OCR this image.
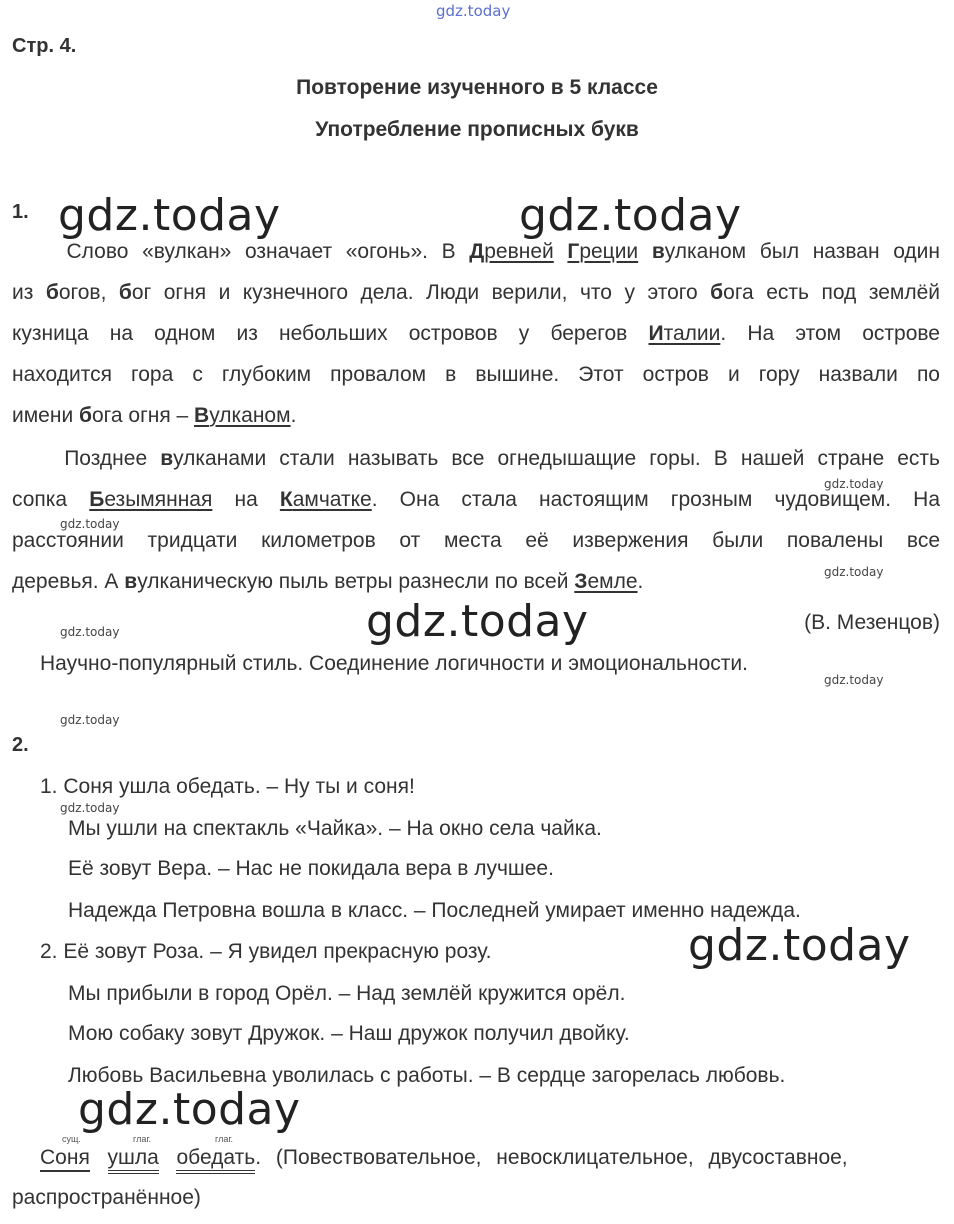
gdz.today
Стр. 4.
Повторение изученного в 5 классе
Употребление прописных букв
1. gdz.today	gdz.today
Слово «вулкан» означает «огонь». В Древней Греции вулканом был назван один
из богов, бог огня и кузнечного дела. Люди верили, что у этого бога есть под землёй
кузница на одном из небольших островов у берегов Италии. На этом острове
находится гора с глубоким провалом в вышине. Этот остров и гору назвали по
имени бога огня – Вулканом.
Позднее вулканами стали называть все огнедышащие горы. В нашей стране есть
сопка Безымянная на Камчатке. Она стала настоящим грозным чудовищем. На
расстоянии тридцати километров от места её извержения были повалены все
деревья. А вулканическую пыль ветры разнесли по всей Земле.
gdz.today
gdz.today
gdz.today
gdz.today	(В. Мезенцов)
gdz.today
Научно-популярный стиль. Соединение логичности и эмоциональности.
gdz.today
gdz.today
2.
1. Соня ушла обедать. – Ну ты и соня!
gdz.today
Мы ушли на спектакль «Чайка». – На окно села чайка.
Её зовут Вера. – Нас не покидала вера в лучшее.
Надежда Петровна вошла в класс. – Последней умирает именно надежда.
2. Её зовут Роза. – Я увидел прекрасную розу.	gdz.today
Мы прибыли в город Орёл. – Над землёй кружится орёл.
Мою собаку зовут Дружок. – Наш дружок получил двойку.
Любовь Васильевна уволилась с работы. – В сердце загорелась любовь.
gdz.today
сущ.	глаг.	глаг.
Соня ушла обедать. (Повествовательное, невосклицательное, двусоставное,
распространённое)
